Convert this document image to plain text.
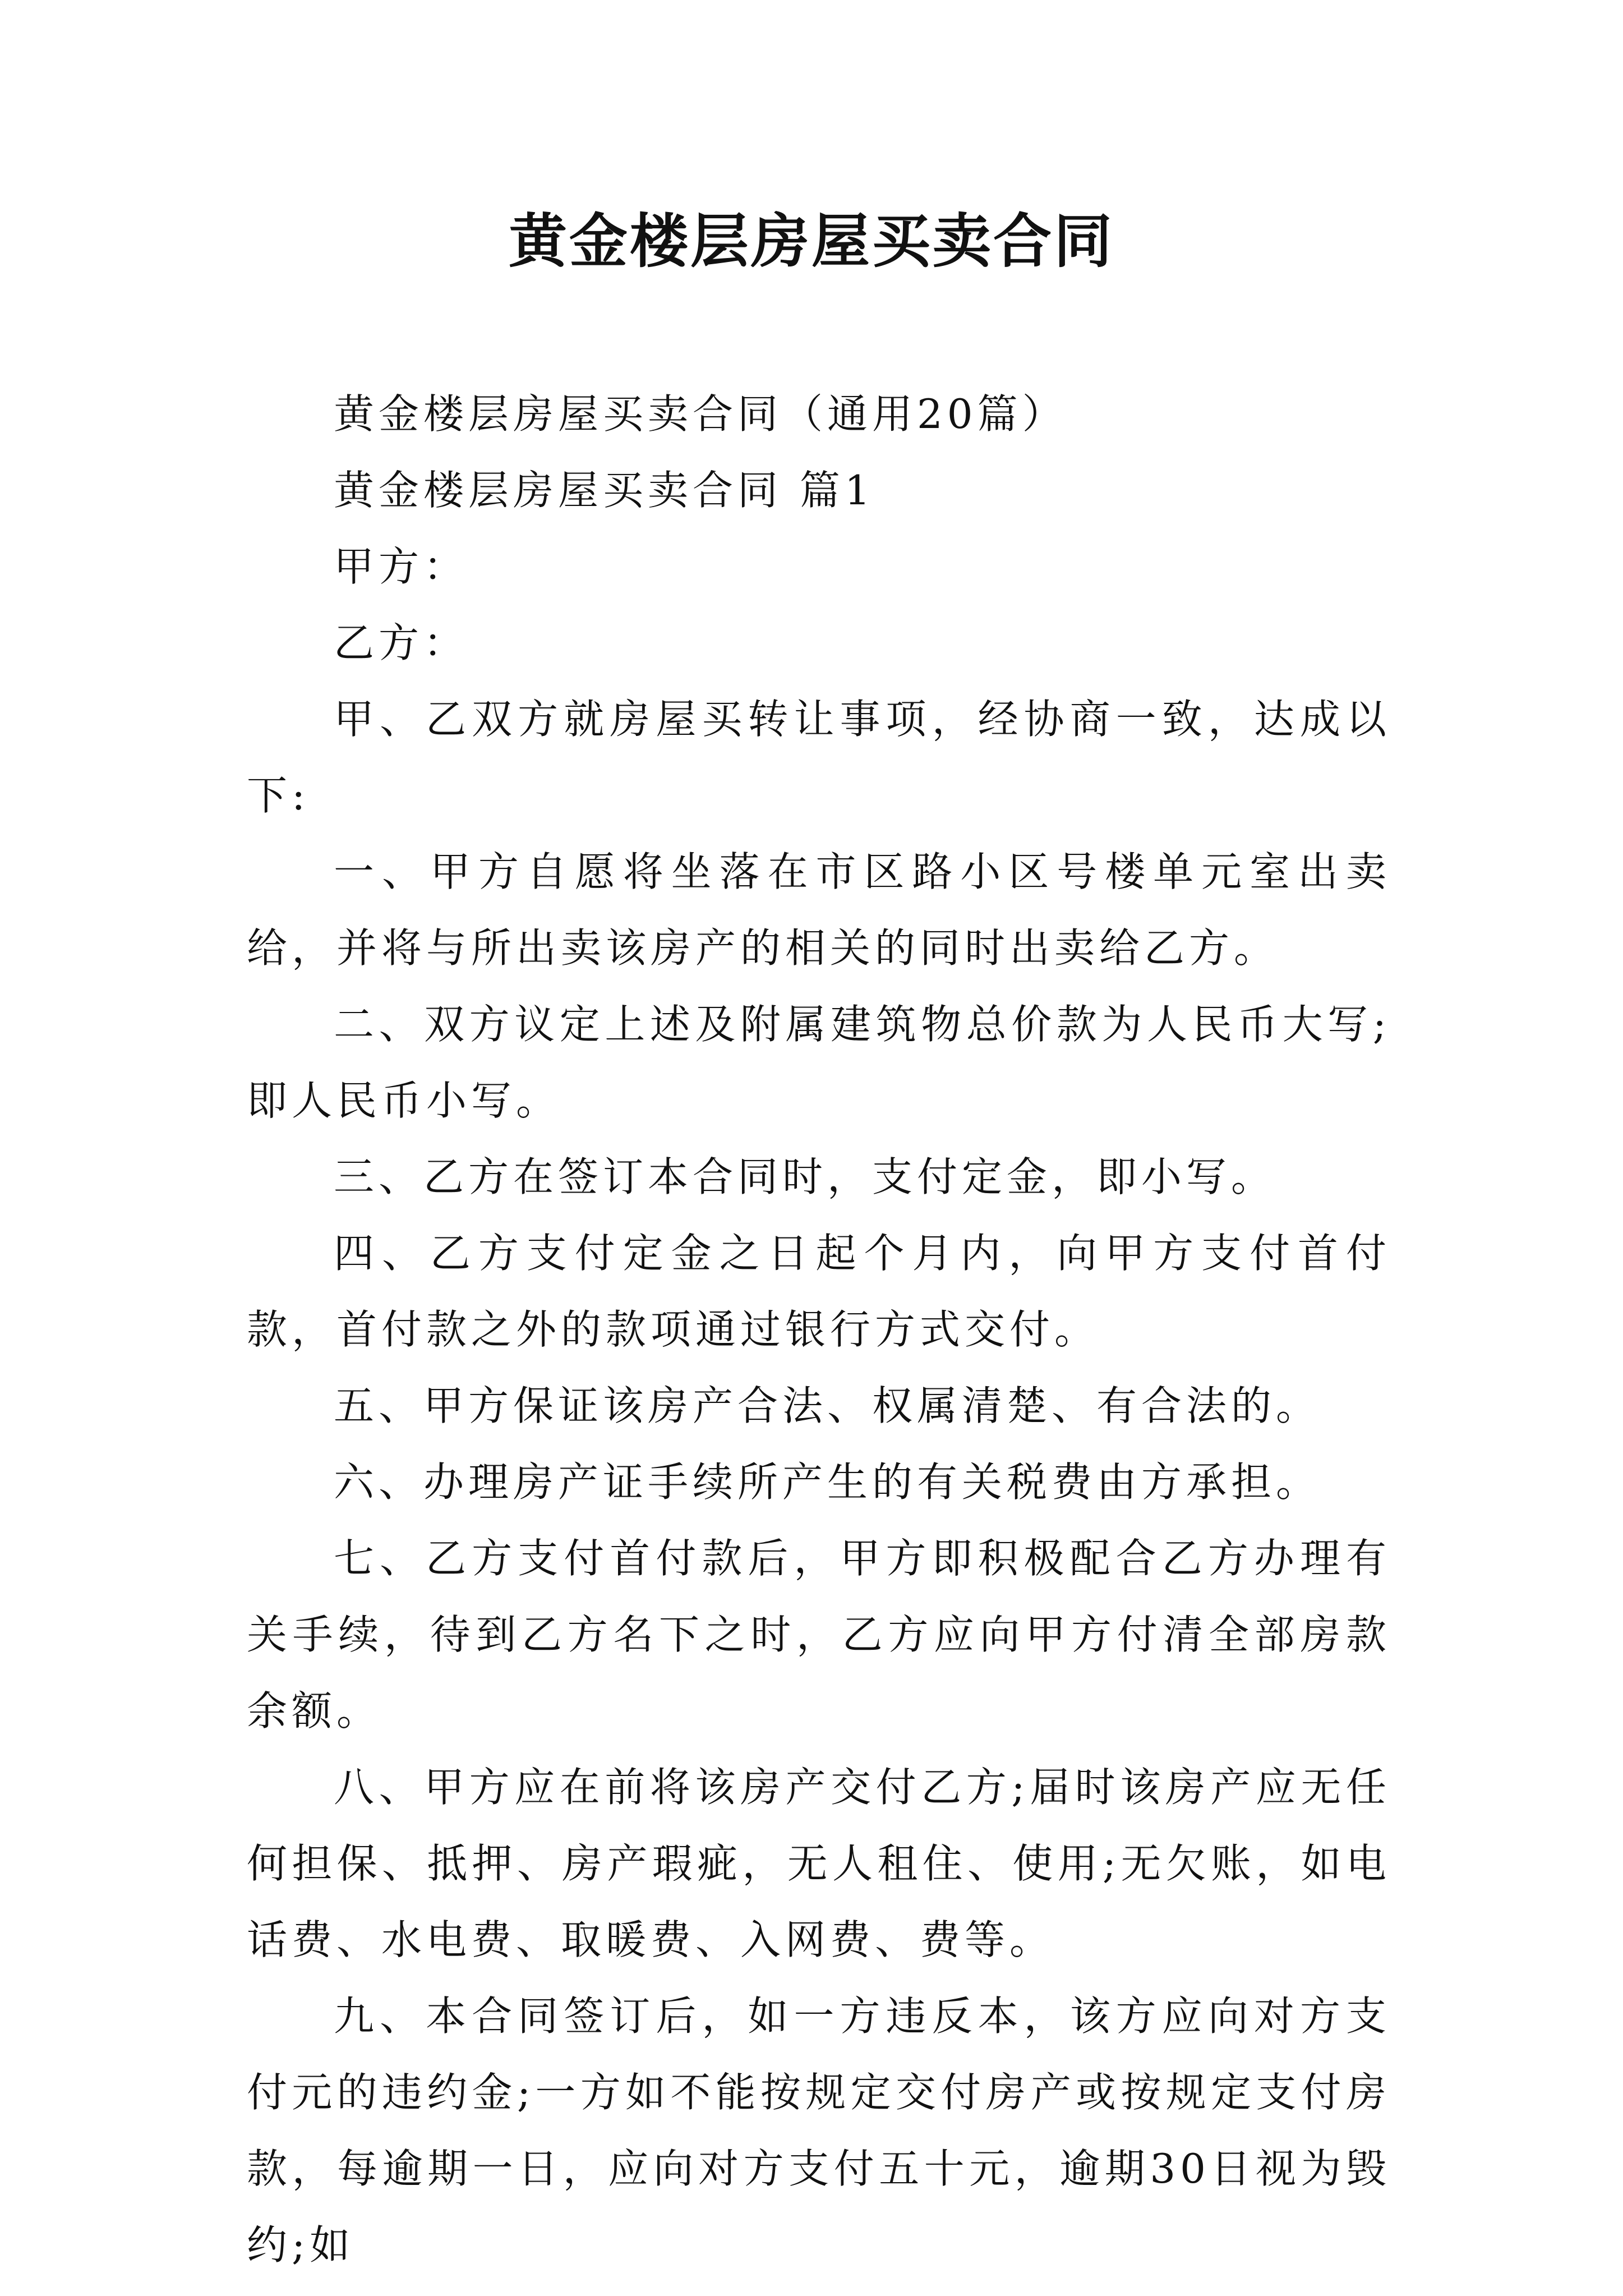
黄金楼层房屋买卖合同

黄金楼层房屋买卖合同（通用20篇）

黄金楼层房屋买卖合同 篇1

甲方：

乙方：

甲、乙双方就房屋买转让事项，经协商一致，达成以下:

一、甲方自愿将坐落在市区路小区号楼单元室出卖给，并将与所出卖该房产的相关的同时出卖给乙方。

二、双方议定上述及附属建筑物总价款为人民币大写;即人民币小写。

三、乙方在签订本合同时，支付定金，即小写。

四、乙方支付定金之日起个月内，向甲方支付首付款，首付款之外的款项通过银行方式交付。

五、甲方保证该房产合法、权属清楚、有合法的。

六、办理房产证手续所产生的有关税费由方承担。

七、乙方支付首付款后，甲方即积极配合乙方办理有关手续，待到乙方名下之时，乙方应向甲方付清全部房款余额。

八、甲方应在前将该房产交付乙方;届时该房产应无任何担保、抵押、房产瑕疵，无人租住、使用;无欠账，如电话费、水电费、取暖费、入网费、费等。

九、本合同签订后，如一方违反本，该方应向对方支付元的违约金;一方如不能按规定交付房产或按规定支付房款，每逾期一日，应向对方支付五十元，逾期30日视为毁约;如
